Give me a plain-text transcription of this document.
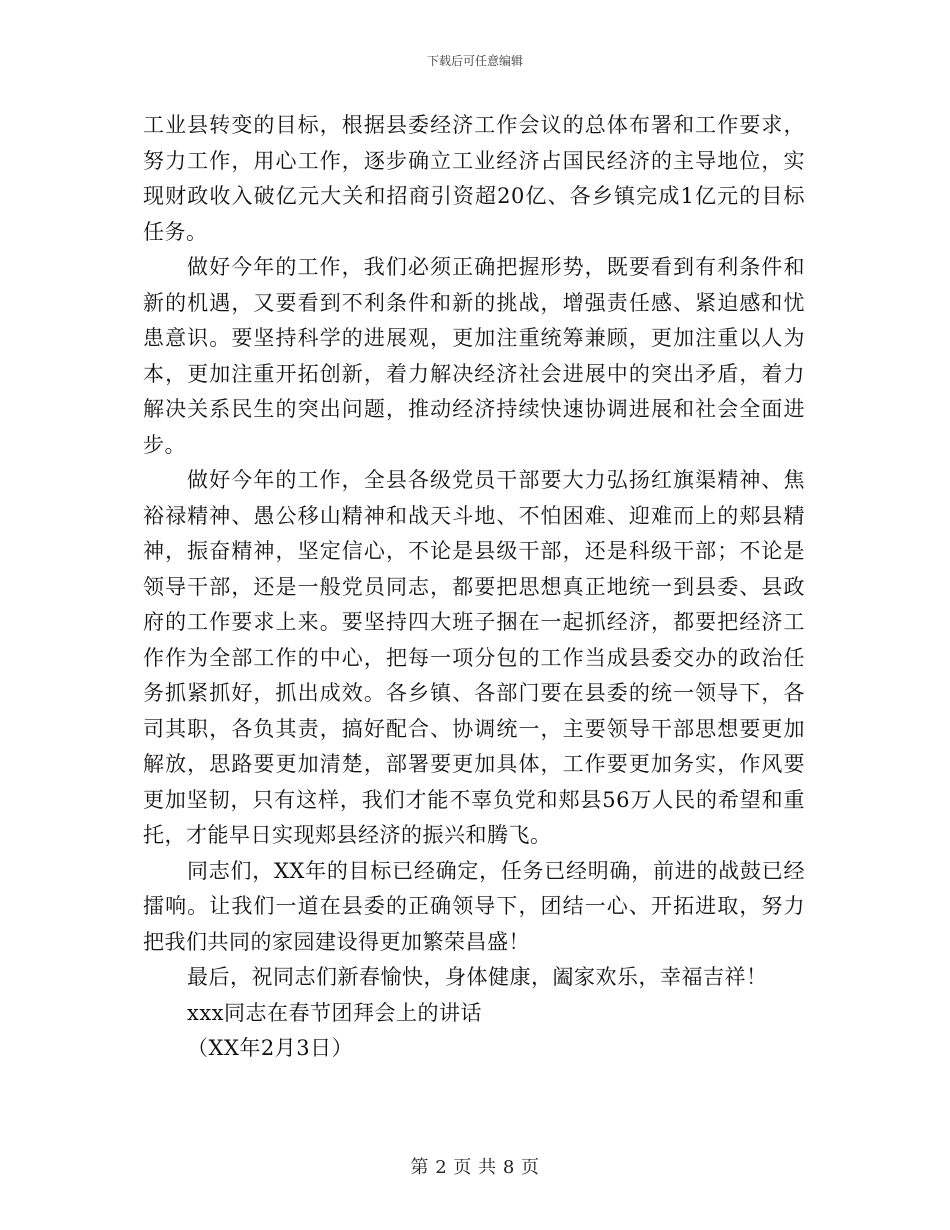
下载后可任意编辑

工业县转变的目标，根据县委经济工作会议的总体布署和工作要求，努力工作，用心工作，逐步确立工业经济占国民经济的主导地位，实现财政收入破亿元大关和招商引资超20亿、各乡镇完成1亿元的目标任务。

做好今年的工作，我们必须正确把握形势，既要看到有利条件和新的机遇，又要看到不利条件和新的挑战，增强责任感、紧迫感和忧患意识。要坚持科学的进展观，更加注重统筹兼顾，更加注重以人为本，更加注重开拓创新，着力解决经济社会进展中的突出矛盾，着力解决关系民生的突出问题，推动经济持续快速协调进展和社会全面进步。

做好今年的工作，全县各级党员干部要大力弘扬红旗渠精神、焦裕禄精神、愚公移山精神和战天斗地、不怕困难、迎难而上的郏县精神，振奋精神，坚定信心，不论是县级干部，还是科级干部；不论是领导干部，还是一般党员同志，都要把思想真正地统一到县委、县政府的工作要求上来。要坚持四大班子捆在一起抓经济，都要把经济工作作为全部工作的中心，把每一项分包的工作当成县委交办的政治任务抓紧抓好，抓出成效。各乡镇、各部门要在县委的统一领导下，各司其职，各负其责，搞好配合、协调统一，主要领导干部思想要更加解放，思路要更加清楚，部署要更加具体，工作要更加务实，作风要更加坚韧，只有这样，我们才能不辜负党和郏县56万人民的希望和重托，才能早日实现郏县经济的振兴和腾飞。

同志们，XX年的目标已经确定，任务已经明确，前进的战鼓已经擂响。让我们一道在县委的正确领导下，团结一心、开拓进取，努力把我们共同的家园建设得更加繁荣昌盛！

最后，祝同志们新春愉快，身体健康，阖家欢乐，幸福吉祥！

xxx同志在春节团拜会上的讲话

（XX年2月3日）

第 2 页 共 8 页
